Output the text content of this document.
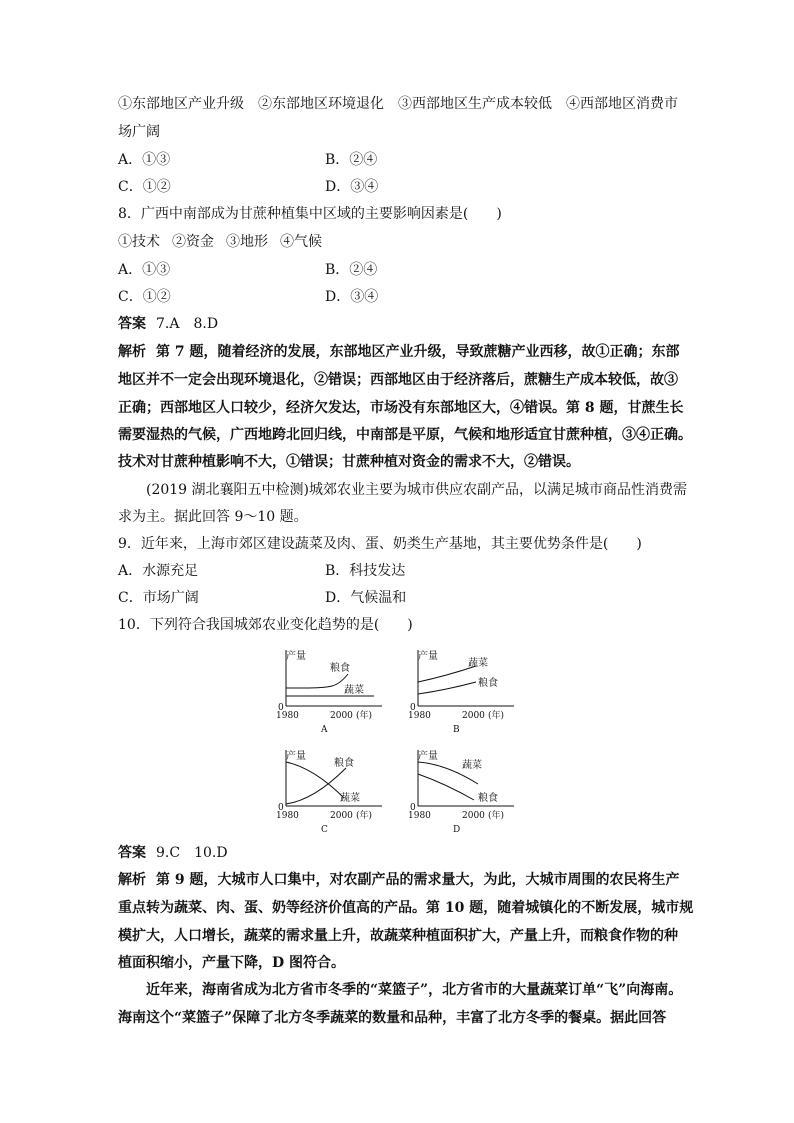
①东部地区产业升级 ②东部地区环境退化 ③西部地区生产成本较低 ④西部地区消费市
场广阔
A．①③	B．②④
C．①②	D．③④
8．广西中南部成为甘蔗种植集中区域的主要影响因素是(　　)
①技术 ②资金 ③地形 ④气候
A．①③	B．②④
C．①②	D．③④
答案 7.A　8.D
解析 第 7 题，随着经济的发展，东部地区产业升级，导致蔗糖产业西移，故①正确；东部
地区并不一定会出现环境退化，②错误；西部地区由于经济落后，蔗糖生产成本较低，故③
正确；西部地区人口较少，经济欠发达，市场没有东部地区大，④错误。第 8 题，甘蔗生长
需要湿热的气候，广西地跨北回归线，中南部是平原，气候和地形适宜甘蔗种植，③④正确。
技术对甘蔗种植影响不大，①错误；甘蔗种植对资金的需求不大，②错误。
(2019 湖北襄阳五中检测)城郊农业主要为城市供应农副产品，以满足城市商品性消费需
求为主。据此回答 9～10 题。
9．近年来，上海市郊区建设蔬菜及肉、蛋、奶类生产基地，其主要优势条件是(　　)
A．水源充足	B．科技发达
C．市场广阔	D．气候温和
10．下列符合我国城郊农业变化趋势的是(　　)
产量
0
1980	2000 (年)
A
粮食
蔬菜
产量
0
1980	2000 (年)
B
蔬菜
粮食
产量
0
1980	2000 (年)
C
粮食
蔬菜
产量
0
1980	2000 (年)
D
蔬菜
粮食
答案 9.C　10.D
解析 第 9 题，大城市人口集中，对农副产品的需求量大，为此，大城市周围的农民将生产
重点转为蔬菜、肉、蛋、奶等经济价值高的产品。第 10 题，随着城镇化的不断发展，城市规
模扩大，人口增长，蔬菜的需求量上升，故蔬菜种植面积扩大，产量上升，而粮食作物的种
植面积缩小，产量下降，D 图符合。
近年来，海南省成为北方省市冬季的“菜篮子”，北方省市的大量蔬菜订单“飞”向海南。
海南这个“菜篮子”保障了北方冬季蔬菜的数量和品种，丰富了北方冬季的餐桌。据此回答
